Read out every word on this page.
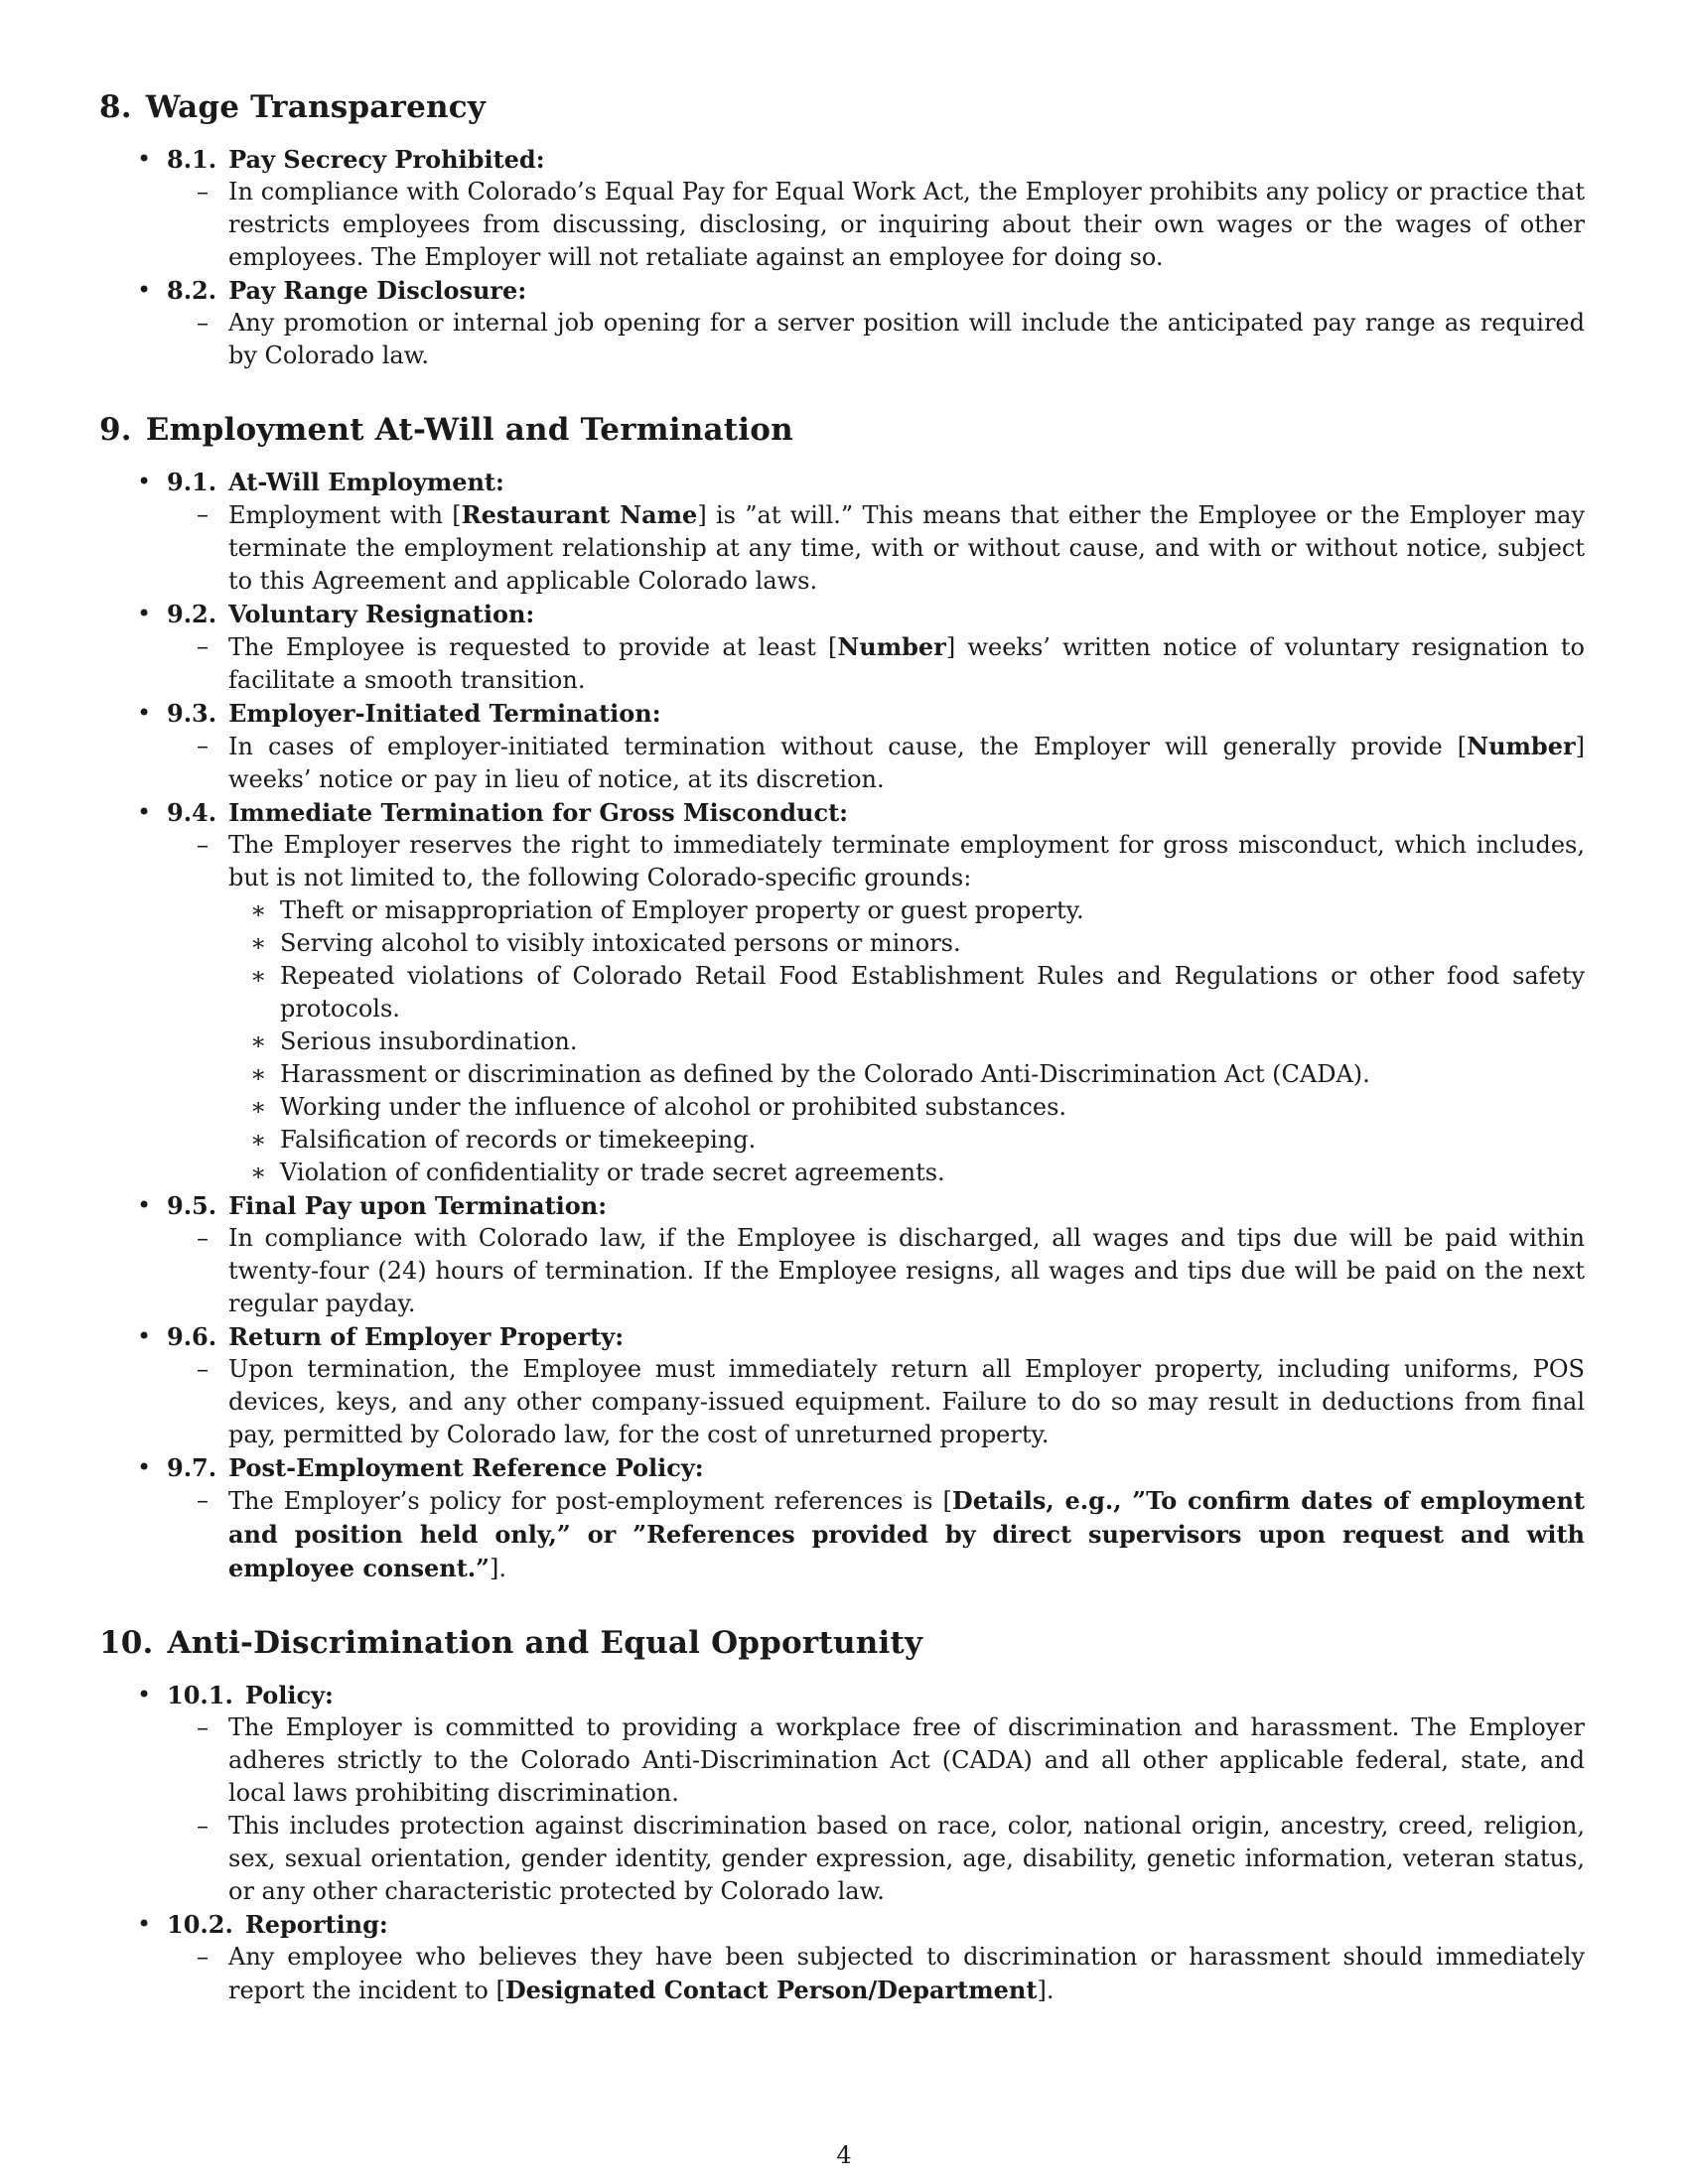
8. Wage Transparency
• 8.1. Pay Secrecy Prohibited:
– In compliance with Colorado’s Equal Pay for Equal Work Act, the Employer prohibits any policy or practice that restricts employees from discussing, disclosing, or inquiring about their own wages or the wages of other employees. The Employer will not retaliate against an employee for doing so.
• 8.2. Pay Range Disclosure:
– Any promotion or internal job opening for a server position will include the anticipated pay range as required by Colorado law.
9. Employment At-Will and Termination
• 9.1. At-Will Employment:
– Employment with [Restaurant Name] is ”at will.” This means that either the Employee or the Employer may terminate the employment relationship at any time, with or without cause, and with or without notice, subject to this Agreement and applicable Colorado laws.
• 9.2. Voluntary Resignation:
– The Employee is requested to provide at least [Number] weeks’ written notice of voluntary resignation to facilitate a smooth transition.
• 9.3. Employer-Initiated Termination:
– In cases of employer-initiated termination without cause, the Employer will generally provide [Number] weeks’ notice or pay in lieu of notice, at its discretion.
• 9.4. Immediate Termination for Gross Misconduct:
– The Employer reserves the right to immediately terminate employment for gross misconduct, which includes, but is not limited to, the following Colorado-specific grounds:
∗ Theft or misappropriation of Employer property or guest property.
∗ Serving alcohol to visibly intoxicated persons or minors.
∗ Repeated violations of Colorado Retail Food Establishment Rules and Regulations or other food safety protocols.
∗ Serious insubordination.
∗ Harassment or discrimination as defined by the Colorado Anti-Discrimination Act (CADA).
∗ Working under the influence of alcohol or prohibited substances.
∗ Falsification of records or timekeeping.
∗ Violation of confidentiality or trade secret agreements.
• 9.5. Final Pay upon Termination:
– In compliance with Colorado law, if the Employee is discharged, all wages and tips due will be paid within twenty-four (24) hours of termination. If the Employee resigns, all wages and tips due will be paid on the next regular payday.
• 9.6. Return of Employer Property:
– Upon termination, the Employee must immediately return all Employer property, including uniforms, POS devices, keys, and any other company-issued equipment. Failure to do so may result in deductions from final pay, permitted by Colorado law, for the cost of unreturned property.
• 9.7. Post-Employment Reference Policy:
– The Employer’s policy for post-employment references is [Details, e.g., ”To confirm dates of employment and position held only,” or ”References provided by direct supervisors upon request and with employee consent.”].
10. Anti-Discrimination and Equal Opportunity
• 10.1. Policy:
– The Employer is committed to providing a workplace free of discrimination and harassment. The Employer adheres strictly to the Colorado Anti-Discrimination Act (CADA) and all other applicable federal, state, and local laws prohibiting discrimination.
– This includes protection against discrimination based on race, color, national origin, ancestry, creed, religion, sex, sexual orientation, gender identity, gender expression, age, disability, genetic information, veteran status, or any other characteristic protected by Colorado law.
• 10.2. Reporting:
– Any employee who believes they have been subjected to discrimination or harassment should immediately report the incident to [Designated Contact Person/Department].
4
